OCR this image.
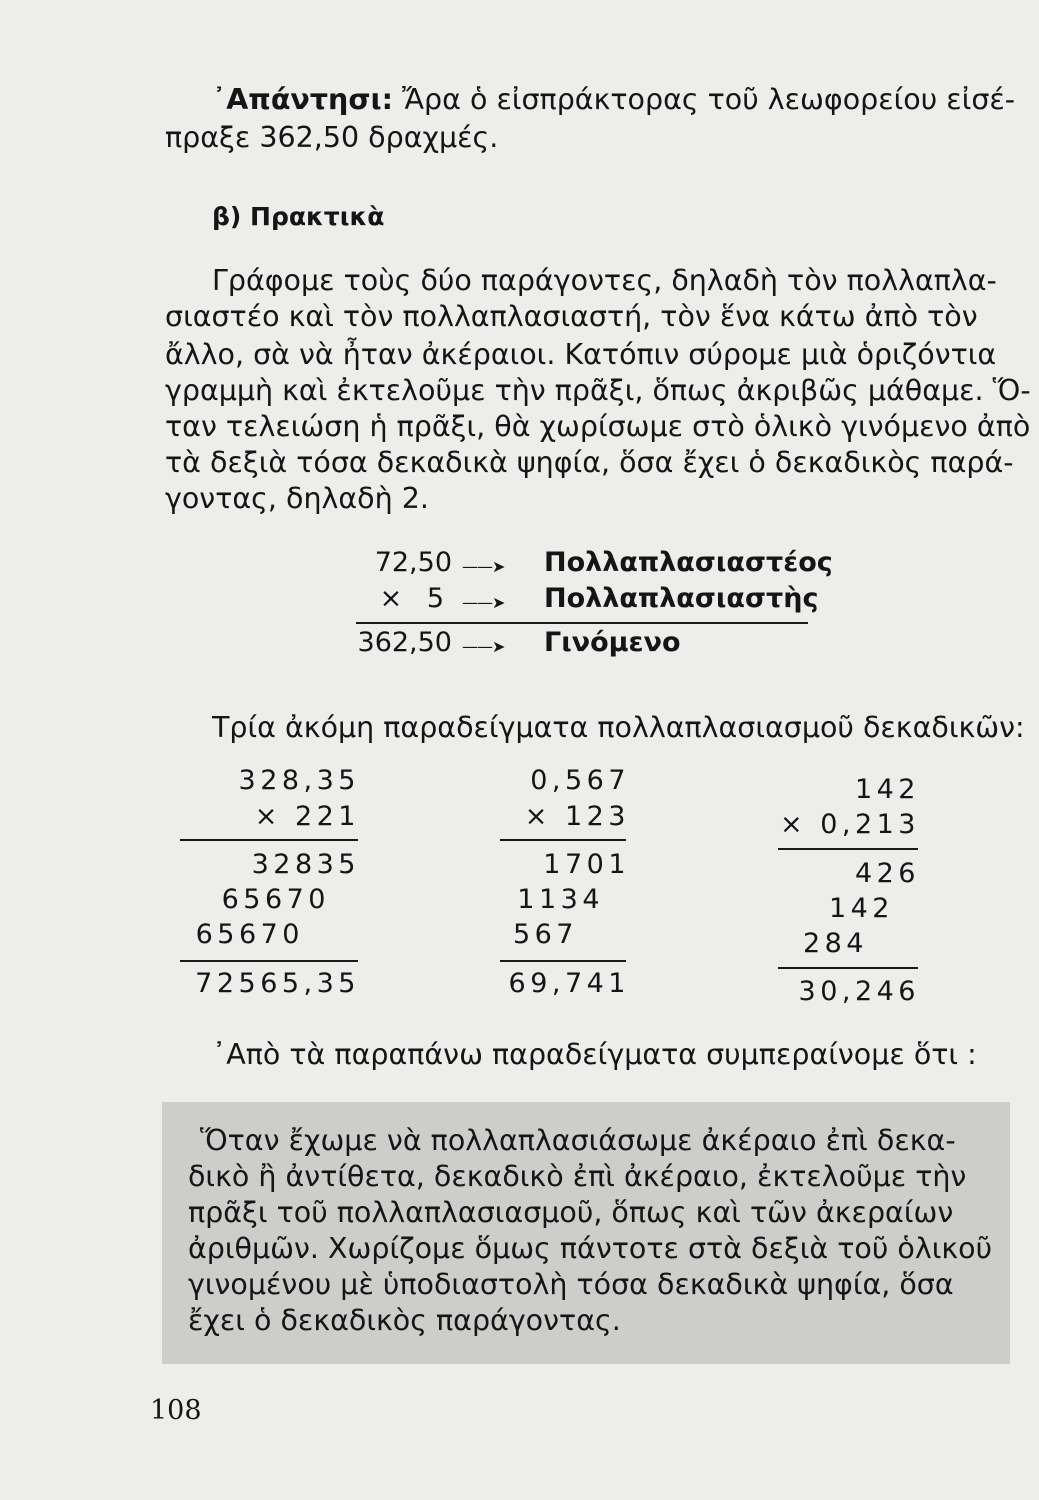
᾿Απάντησι: Ἄρα ὁ εἰσπράκτορας τοῦ λεωφορείου εἰσέ-
πραξε 362,50 δραχμές.
β) Πρακτικὰ
Γράφομε τοὺς δύο παράγοντες, δηλαδὴ τὸν πολλαπλα-
σιαστέο καὶ τὸν πολλαπλασιαστή, τὸν ἕνα κάτω ἀπὸ τὸν
ἄλλο, σὰ νὰ ἦταν ἀκέραιοι. Κατόπιν σύρομε μιὰ ὁριζόντια
γραμμὴ καὶ ἐκτελοῦμε τὴν πρᾶξι, ὅπως ἀκριβῶς μάθαμε. Ὅ-
ταν τελειώση ἡ πρᾶξι, θὰ χωρίσωμε στὸ ὁλικὸ γινόμενο ἀπὸ
τὰ δεξιὰ τόσα δεκαδικὰ ψηφία, ὅσα ἔχει ὁ δεκαδικὸς παρά-
γοντας, δηλαδὴ 2.
72,50 ——➤ Πολλαπλασιαστέος
× 5 ——➤ Πολλαπλασιαστὴς
362,50 ——➤ Γινόμενο
Τρία ἀκόμη παραδείγματα πολλαπλασιασμοῦ δεκαδικῶν:
328,35
× 221
32835
65670
65670
72565,35
0,567
× 123
1701
1134
567
69,741
142
× 0,213
426
142
284
30,246
᾿Απὸ τὰ παραπάνω παραδείγματα συμπεραίνομε ὅτι :
Ὅταν ἔχωμε νὰ πολλαπλασιάσωμε ἀκέραιο ἐπὶ δεκα-
δικὸ ἢ ἀντίθετα, δεκαδικὸ ἐπὶ ἀκέραιο, ἐκτελοῦμε τὴν
πρᾶξι τοῦ πολλαπλασιασμοῦ, ὅπως καὶ τῶν ἀκεραίων
ἀριθμῶν. Χωρίζομε ὅμως πάντοτε στὰ δεξιὰ τοῦ ὁλικοῦ
γινομένου μὲ ὑποδιαστολὴ τόσα δεκαδικὰ ψηφία, ὅσα
ἔχει ὁ δεκαδικὸς παράγοντας.
108
